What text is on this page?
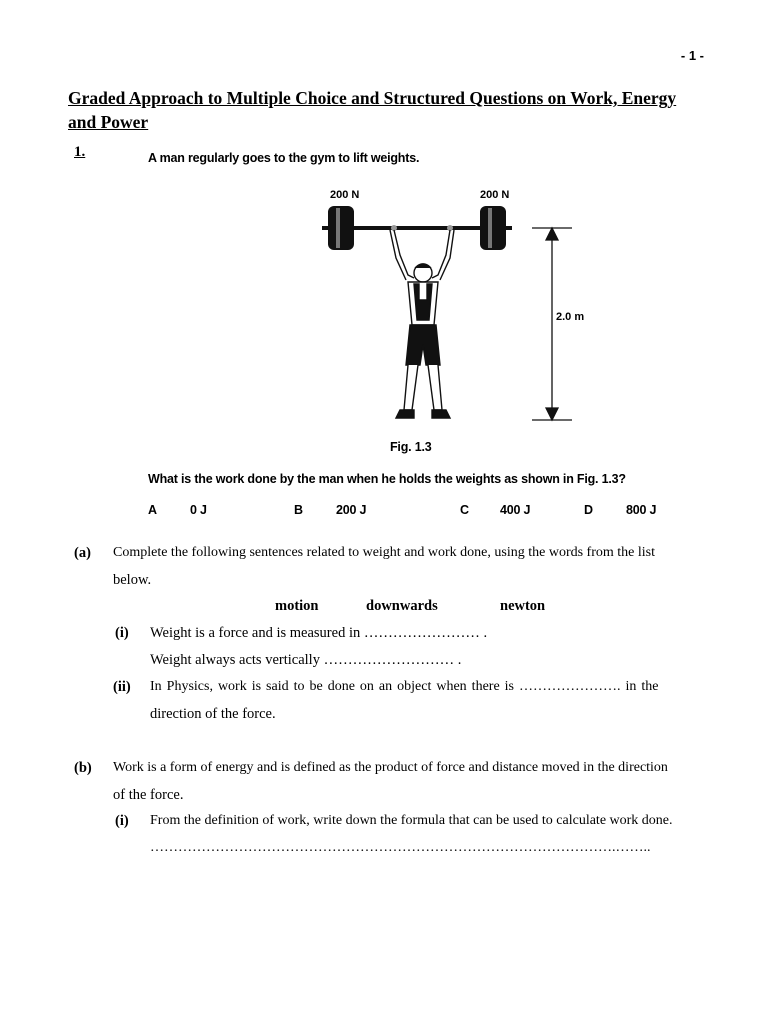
- 1 -
Graded Approach to Multiple Choice and Structured Questions on Work, Energy and Power
1.	A man regularly goes to the gym to lift weights.
200 N	200 N
2.0 m
Fig. 1.3
What is the work done by the man when he holds the weights as shown in Fig. 1.3?
A	0 J	B	200 J	C 400 J	D	800 J
(a) Complete the following sentences related to weight and work done, using the words from the list
below.
motion	downwards	newton
(i) Weight is a force and is measured in …………………… .
Weight always acts vertically ……………………… .
(ii) In Physics, work is said to be done on an object when there is …………………. in the
direction of the force.
(b) Work is a form of energy and is defined as the product of force and distance moved in the direction
of the force.
(i) From the definition of work, write down the formula that can be used to calculate work done.
……………………………………………………………………………………….……..
